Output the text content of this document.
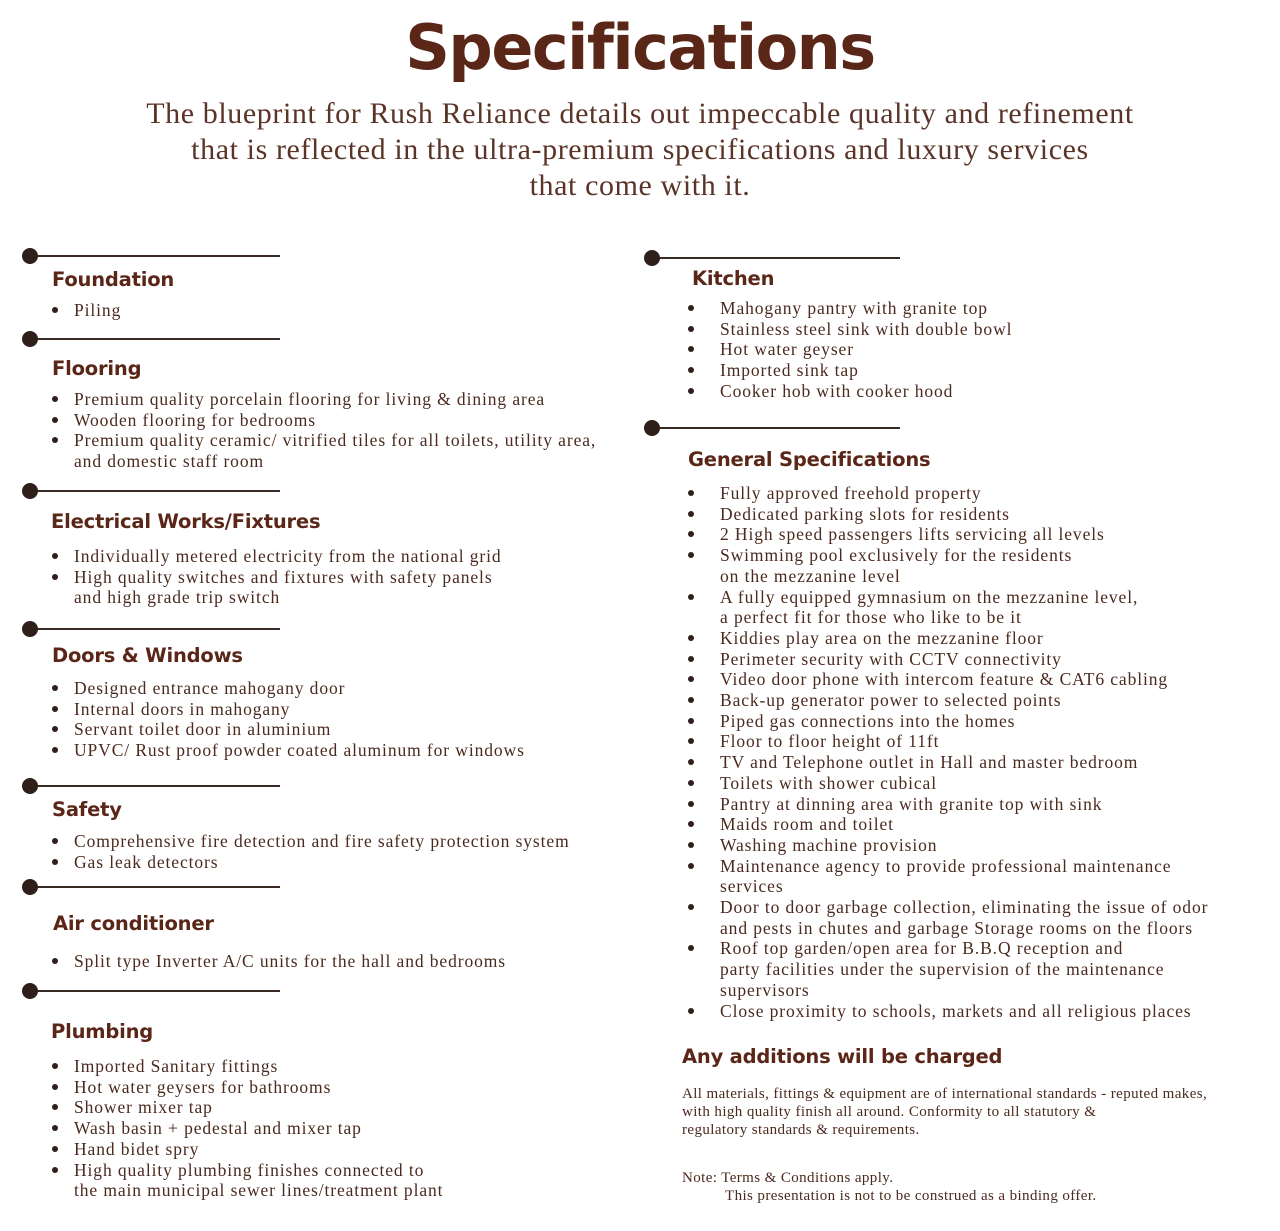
Specifications
The blueprint for Rush Reliance details out impeccable quality and refinement
that is reflected in the ultra-premium specifications and luxury services
that come with it.
Foundation
Piling
Flooring
Premium quality porcelain flooring for living & dining area
Wooden flooring for bedrooms
Premium quality ceramic/ vitrified tiles for all toilets, utility area,
and domestic staff room
Electrical Works/Fixtures
Individually metered electricity from the national grid
High quality switches and fixtures with safety panels
and high grade trip switch
Doors & Windows
Designed entrance mahogany door
Internal doors in mahogany
Servant toilet door in aluminium
UPVC/ Rust proof powder coated aluminum for windows
Safety
Comprehensive fire detection and fire safety protection system
Gas leak detectors
Air conditioner
Split type Inverter A/C units for the hall and bedrooms
Plumbing
Imported Sanitary fittings
Hot water geysers for bathrooms
Shower mixer tap
Wash basin + pedestal and mixer tap
Hand bidet spry
High quality plumbing finishes connected to
the main municipal sewer lines/treatment plant
Kitchen
Mahogany pantry with granite top
Stainless steel sink with double bowl
Hot water geyser
Imported sink tap
Cooker hob with cooker hood
General Specifications
Fully approved freehold property
Dedicated parking slots for residents
2 High speed passengers lifts servicing all levels
Swimming pool exclusively for the residents
on the mezzanine level
A fully equipped gymnasium on the mezzanine level,
a perfect fit for those who like to be it
Kiddies play area on the mezzanine floor
Perimeter security with CCTV connectivity
Video door phone with intercom feature & CAT6 cabling
Back-up generator power to selected points
Piped gas connections into the homes
Floor to floor height of 11ft
TV and Telephone outlet in Hall and master bedroom
Toilets with shower cubical
Pantry at dinning area with granite top with sink
Maids room and toilet
Washing machine provision
Maintenance agency to provide professional maintenance
services
Door to door garbage collection, eliminating the issue of odor
and pests in chutes and garbage Storage rooms on the floors
Roof top garden/open area for B.B.Q reception and
party facilities under the supervision of the maintenance
supervisors
Close proximity to schools, markets and all religious places
Any additions will be charged
All materials, fittings & equipment are of international standards - reputed makes,
with high quality finish all around. Conformity to all statutory &
regulatory standards & requirements.
Note: Terms & Conditions apply.
This presentation is not to be construed as a binding offer.
